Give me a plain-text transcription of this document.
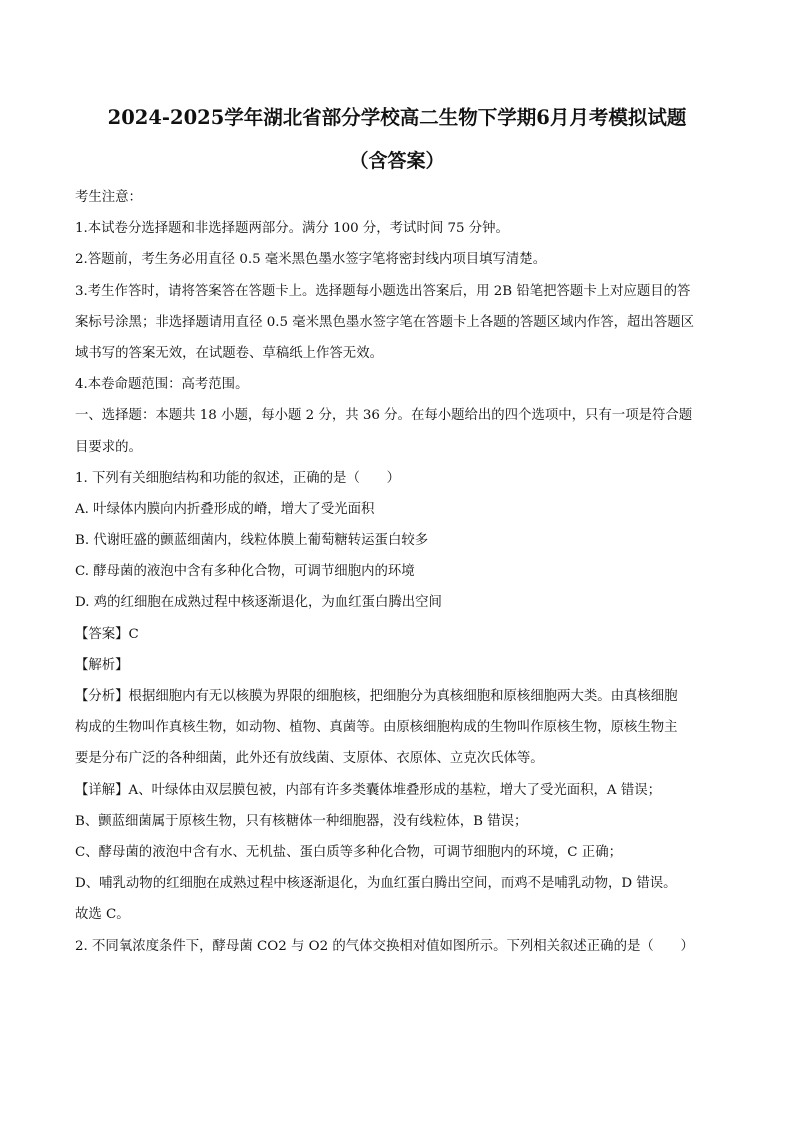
2024-2025学年湖北省部分学校高二生物下学期6月月考模拟试题
（含答案）
考生注意：
1.本试卷分选择题和非选择题两部分。满分 100 分，考试时间 75 分钟。
2.答题前，考生务必用直径 0.5 毫米黑色墨水签字笔将密封线内项目填写清楚。
3.考生作答时，请将答案答在答题卡上。选择题每小题选出答案后，用 2B 铅笔把答题卡上对应题目的答
案标号涂黑；非选择题请用直径 0.5 毫米黑色墨水签字笔在答题卡上各题的答题区域内作答，超出答题区
域书写的答案无效，在试题卷、草稿纸上作答无效。
4.本卷命题范围：高考范围。
一、选择题：本题共 18 小题，每小题 2 分，共 36 分。在每小题给出的四个选项中，只有一项是符合题
目要求的。
1. 下列有关细胞结构和功能的叙述，正确的是（　　）
A. 叶绿体内膜向内折叠形成的嵴，增大了受光面积
B. 代谢旺盛的颤蓝细菌内，线粒体膜上葡萄糖转运蛋白较多
C. 酵母菌的液泡中含有多种化合物，可调节细胞内的环境
D. 鸡的红细胞在成熟过程中核逐渐退化，为血红蛋白腾出空间
【答案】C
【解析】
【分析】根据细胞内有无以核膜为界限的细胞核，把细胞分为真核细胞和原核细胞两大类。由真核细胞
构成的生物叫作真核生物，如动物、植物、真菌等。由原核细胞构成的生物叫作原核生物，原核生物主
要是分布广泛的各种细菌，此外还有放线菌、支原体、衣原体、立克次氏体等。
【详解】A、叶绿体由双层膜包被，内部有许多类囊体堆叠形成的基粒，增大了受光面积，A 错误；
B、颤蓝细菌属于原核生物，只有核糖体一种细胞器，没有线粒体，B 错误；
C、酵母菌的液泡中含有水、无机盐、蛋白质等多种化合物，可调节细胞内的环境，C 正确；
D、哺乳动物的红细胞在成熟过程中核逐渐退化，为血红蛋白腾出空间，而鸡不是哺乳动物，D 错误。
故选 C。
2. 不同氧浓度条件下，酵母菌 CO2 与 O2 的气体交换相对值如图所示。下列相关叙述正确的是（　　）
